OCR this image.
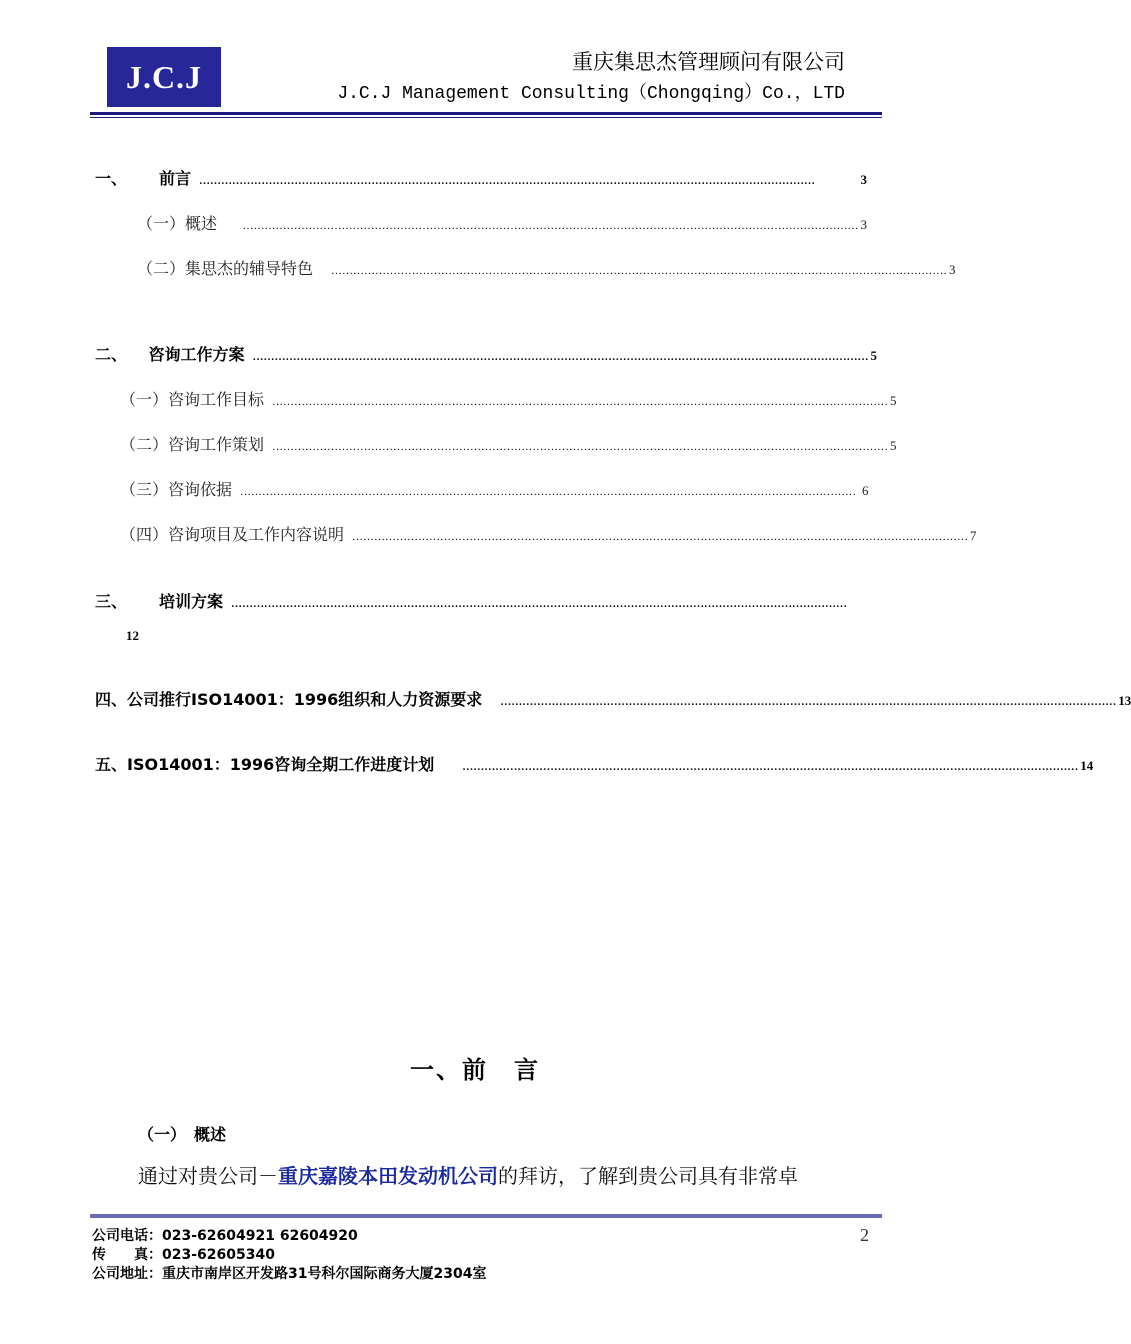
J.C.J	重庆集思杰管理顾问有限公司
J.C.J Management Consulting（Chongqing）Co.，LTD
一、	前言 ……………………………………………………………………………………………………………………………………………………	3
（一） 概述	…………………………………………………………………………………………………………………………………………………… 3
（二） 集思杰的辅导特色 …………………………………………………………………………………………………………………………………………………… 3
二、	咨询工作方案 …………………………………………………………………………………………………………………………………………………… 5
（一） 咨询工作目标 …………………………………………………………………………………………………………………………………………………… 5
（二） 咨询工作策划 …………………………………………………………………………………………………………………………………………………… 5
（三） 咨询依据 …………………………………………………………………………………………………………………………………………………… 6
（四） 咨询项目及工作内容说明 …………………………………………………………………………………………………………………………………………………… 7
三、	培训方案 ……………………………………………………………………………………………………………………………………………………
12
四、 公司推行ISO14001：1996组织和人力资源要求 …………………………………………………………………………………………………………………………………………………… 13
五、 ISO14001：1996咨询全期工作进度计划	…………………………………………………………………………………………………………………………………………………… 14
一、前　言
（一）　概述
通过对贵公司－重庆嘉陵本田发动机公司的拜访，了解到贵公司具有非常卓
2
公司电话：023-62604921 62604920
传　　真：023-62605340
公司地址：重庆市南岸区开发路31号科尔国际商务大厦2304室
